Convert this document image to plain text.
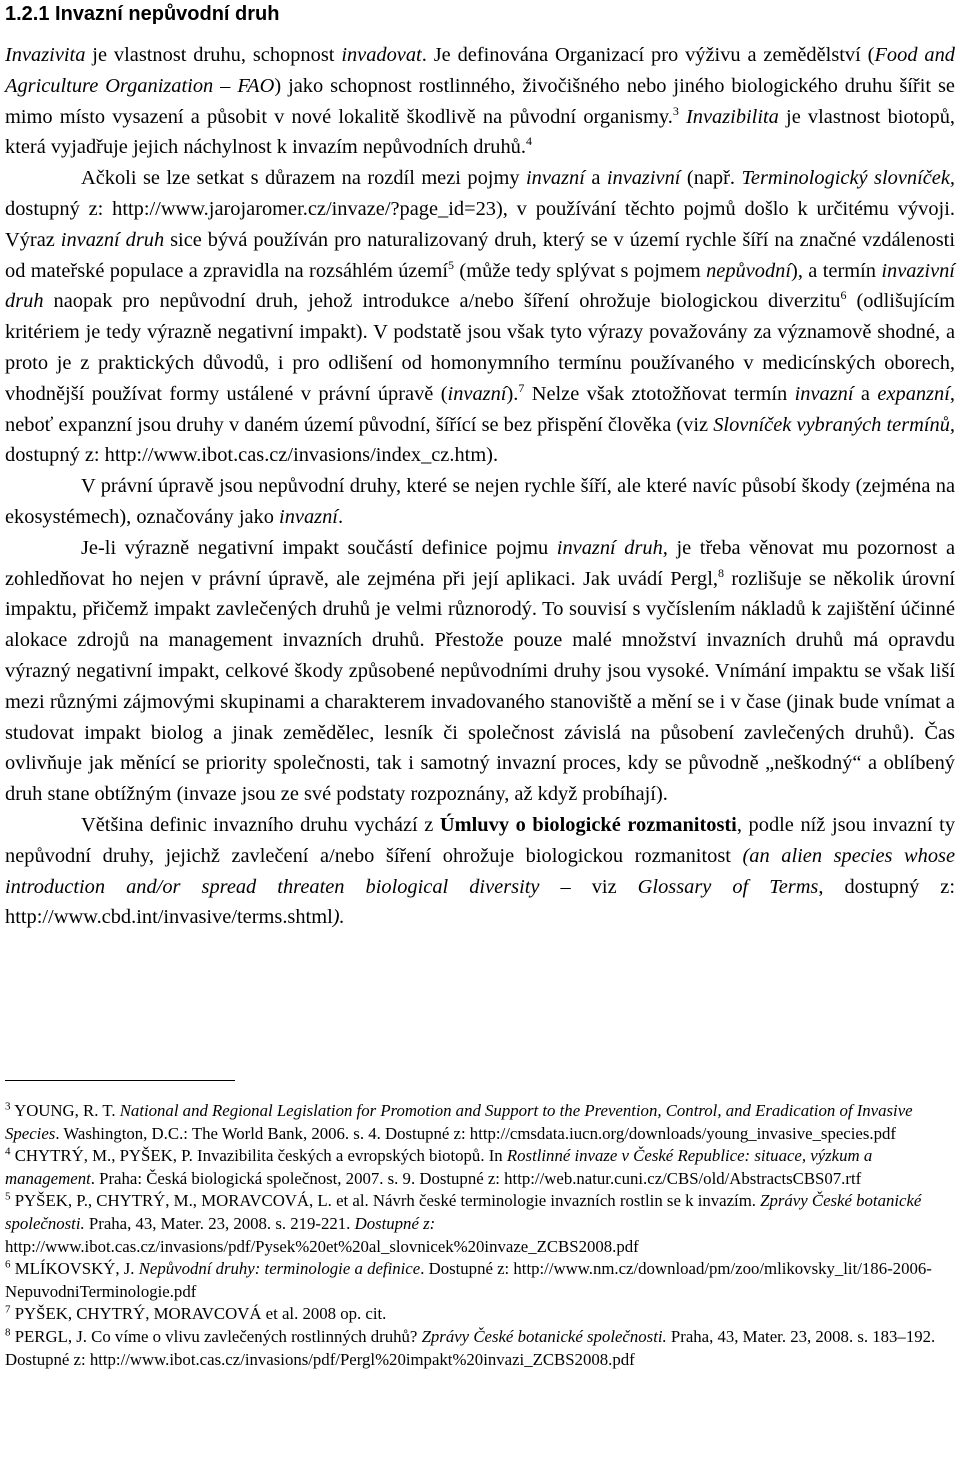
1.2.1 Invazní nepůvodní druh

Invazivita je vlastnost druhu, schopnost invadovat. Je definována Organizací pro výživu a zemědělství (Food and Agriculture Organization – FAO) jako schopnost rostlinného, živočišného nebo jiného biologického druhu šířit se mimo místo vysazení a působit v nové lokalitě škodlivě na původní organismy.$^3$ Invazibilita je vlastnost biotopů, která vyjadřuje jejich náchylnost k invazím nepůvodních druhů.$^4$

Ačkoli se lze setkat s důrazem na rozdíl mezi pojmy invazní a invazivní (např. Terminologický slovníček, dostupný z: http://www.jarojaromer.cz/invaze/?page_id=23), v používání těchto pojmů došlo k určitému vývoji. Výraz invazní druh sice bývá používán pro naturalizovaný druh, který se v území rychle šíří na značné vzdálenosti od mateřské populace a zpravidla na rozsáhlém území$^5$ (může tedy splývat s pojmem nepůvodní), a termín invazivní druh naopak pro nepůvodní druh, jehož introdukce a/nebo šíření ohrožuje biologickou diverzitu$^6$ (odlišujícím kritériem je tedy výrazně negativní impakt). V podstatě jsou však tyto výrazy považovány za významově shodné, a proto je z praktických důvodů, i pro odlišení od homonymního termínu používaného v medicínských oborech, vhodnější používat formy ustálené v právní úpravě (invazní).$^7$ Nelze však ztotožňovat termín invazní a expanzní, neboť expanzní jsou druhy v daném území původní, šířící se bez přispění člověka (viz Slovníček vybraných termínů, dostupný z: http://www.ibot.cas.cz/invasions/index_cz.htm).

V právní úpravě jsou nepůvodní druhy, které se nejen rychle šíří, ale které navíc působí škody (zejména na ekosystémech), označovány jako invazní.

Je-li výrazně negativní impakt součástí definice pojmu invazní druh, je třeba věnovat mu pozornost a zohledňovat ho nejen v právní úpravě, ale zejména při její aplikaci. Jak uvádí Pergl,$^8$ rozlišuje se několik úrovní impaktu, přičemž impakt zavlečených druhů je velmi různorodý. To souvisí s vyčíslením nákladů k zajištění účinné alokace zdrojů na management invazních druhů. Přestože pouze malé množství invazních druhů má opravdu výrazný negativní impakt, celkové škody způsobené nepůvodními druhy jsou vysoké. Vnímání impaktu se však liší mezi různými zájmovými skupinami a charakterem invadovaného stanoviště a mění se i v čase (jinak bude vnímat a studovat impakt biolog a jinak zemědělec, lesník či společnost závislá na působení zavlečených druhů). Čas ovlivňuje jak měnící se priority společnosti, tak i samotný invazní proces, kdy se původně „neškodný“ a oblíbený druh stane obtížným (invaze jsou ze své podstaty rozpoznány, až když probíhají).

Většina definic invazního druhu vychází z Úmluvy o biologické rozmanitosti, podle níž jsou invazní ty nepůvodní druhy, jejichž zavlečení a/nebo šíření ohrožuje biologickou rozmanitost (an alien species whose introduction and/or spread threaten biological diversity – viz Glossary of Terms, dostupný z: http://www.cbd.int/invasive/terms.shtml).

$^3$ YOUNG, R. T. National and Regional Legislation for Promotion and Support to the Prevention, Control, and Eradication of Invasive Species. Washington, D.C.: The World Bank, 2006. s. 4. Dostupné z: http://cmsdata.iucn.org/downloads/young_invasive_species.pdf

$^4$ CHYTRÝ, M., PYŠEK, P. Invazibilita českých a evropských biotopů. In Rostlinné invaze v České Republice: situace, výzkum a management. Praha: Česká biologická společnost, 2007. s. 9. Dostupné z: http://web.natur.cuni.cz/CBS/old/AbstractsCBS07.rtf

$^5$ PYŠEK, P., CHYTRÝ, M., MORAVCOVÁ, L. et al. Návrh české terminologie invazních rostlin se k invazím. Zprávy České botanické společnosti. Praha, 43, Mater. 23, 2008. s. 219-221. Dostupné z: http://www.ibot.cas.cz/invasions/pdf/Pysek%20et%20al_slovnicek%20invaze_ZCBS2008.pdf

$^6$ MLÍKOVSKÝ, J. Nepůvodní druhy: terminologie a definice. Dostupné z: http://www.nm.cz/download/pm/zoo/mlikovsky_lit/186-2006-NepuvodniTerminologie.pdf

$^7$ PYŠEK, CHYTRÝ, MORAVCOVÁ et al. 2008 op. cit.

$^8$ PERGL, J. Co víme o vlivu zavlečených rostlinných druhů? Zprávy České botanické společnosti. Praha, 43, Mater. 23, 2008. s. 183–192. Dostupné z: http://www.ibot.cas.cz/invasions/pdf/Pergl%20impakt%20invazi_ZCBS2008.pdf
